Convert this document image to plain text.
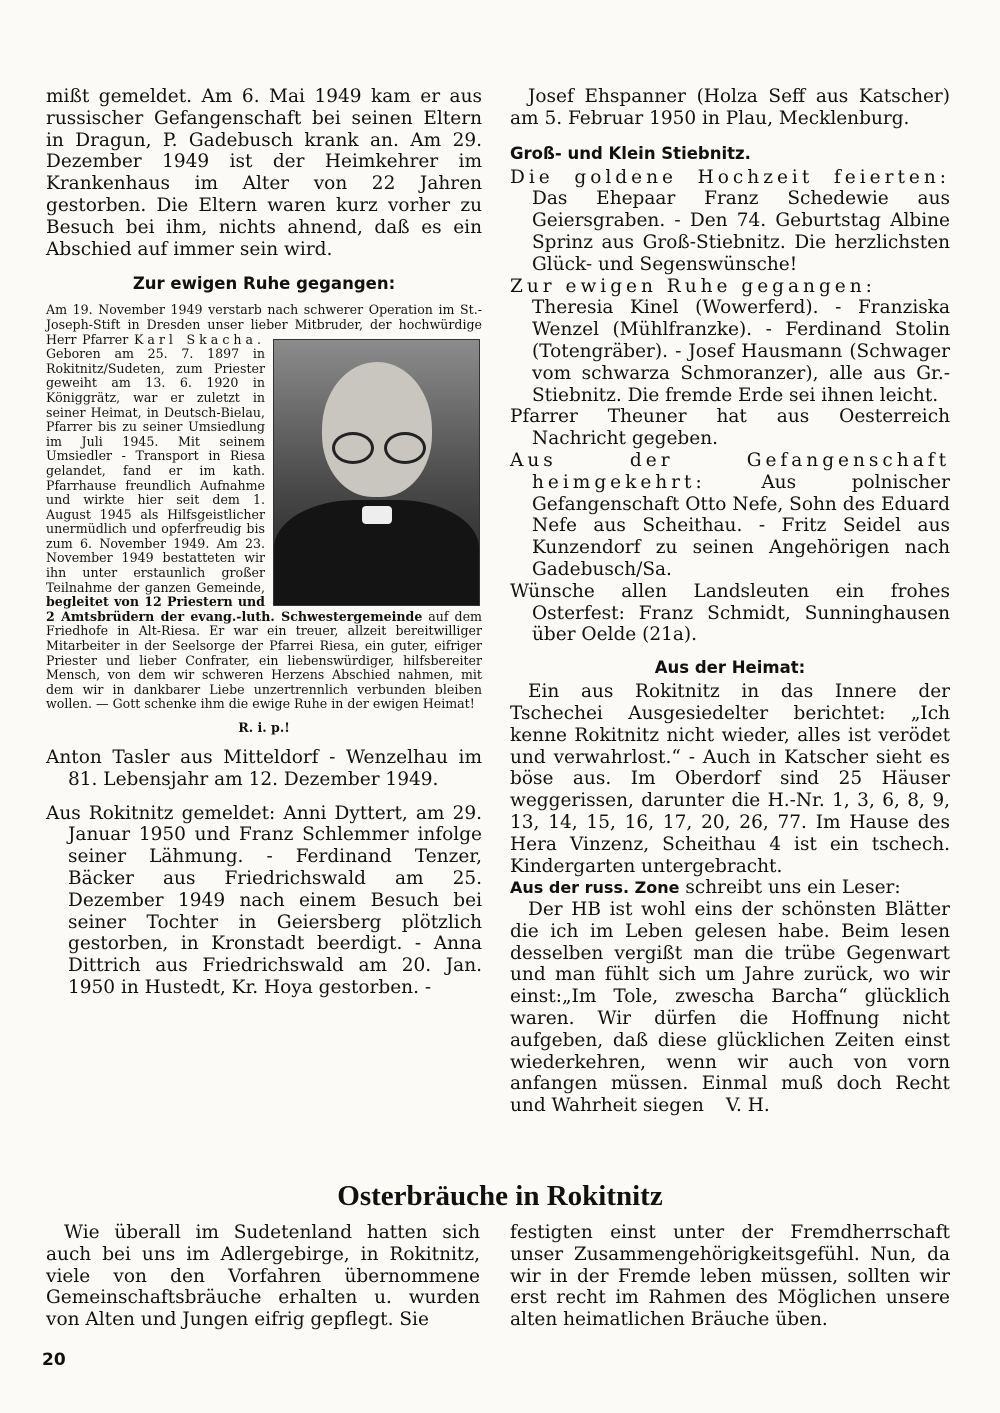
mißt gemeldet. Am 6. Mai 1949 kam er aus russischer Gefangenschaft bei seinen Eltern in Dragun, P. Gadebusch krank an. Am 29. Dezember 1949 ist der Heimkehrer im Krankenhaus im Alter von 22 Jahren gestorben. Die Eltern waren kurz vorher zu Besuch bei ihm, nichts ahnend, daß es ein Abschied auf immer sein wird.

Zur ewigen Ruhe gegangen:

Am 19. November 1949 verstarb nach schwerer Operation im St.-Joseph-Stift in Dresden unser lieber Mitbruder, der hochwürdige Herr Pfarrer Karl Skacha.
Geboren am 25. 7. 1897 in Rokitnitz/Sudeten, zum Priester geweiht am 13. 6. 1920 in Königgrätz, war er zuletzt in seiner Heimat, in Deutsch-Bielau, Pfarrer bis zu seiner Umsiedlung im Juli 1945. Mit seinem Umsiedler - Transport in Riesa gelandet, fand er im kath. Pfarrhause freundlich Aufnahme und wirkte hier seit dem 1. August 1945 als Hilfsgeistlicher unermüdlich und opferfreudig bis zum 6. November 1949. Am 23. November 1949 bestatteten wir ihn unter erstaunlich großer Teilnahme der ganzen Gemeinde, begleitet von 12 Priestern und 2 Amtsbrüdern der evang.-luth. Schwestergemeinde auf dem Friedhofe in Alt-Riesa. Er war ein treuer, allzeit bereitwilliger Mitarbeiter in der Seelsorge der Pfarrei Riesa, ein guter, eifriger Priester und lieber Confrater, ein liebenswürdiger, hilfsbereiter Mensch, von dem wir schweren Herzens Abschied nahmen, mit dem wir in dankbarer Liebe unzertrennlich verbunden bleiben wollen. — Gott schenke ihm die ewige Ruhe in der ewigen Heimat!

R. i. p.!

Anton Tasler aus Mitteldorf - Wenzelhau im 81. Lebensjahr am 12. Dezember 1949.

Aus Rokitnitz gemeldet: Anni Dyttert, am 29. Januar 1950 und Franz Schlemmer infolge seiner Lähmung. - Ferdinand Tenzer, Bäcker aus Friedrichswald am 25. Dezember 1949 nach einem Besuch bei seiner Tochter in Geiersberg plötzlich gestorben, in Kronstadt beerdigt. - Anna Dittrich aus Friedrichswald am 20. Jan. 1950 in Hustedt, Kr. Hoya gestorben. -

Josef Ehspanner (Holza Seff aus Katscher) am 5. Februar 1950 in Plau, Mecklenburg.

Groß- und Klein Stiebnitz.

Die goldene Hochzeit feierten: Das Ehepaar Franz Schedewie aus Geiersgraben. - Den 74. Geburtstag Albine Sprinz aus Groß-Stiebnitz. Die herzlichsten Glück- und Segenswünsche!

Zur ewigen Ruhe gegangen:

Theresia Kinel (Wowerferd). - Franziska Wenzel (Mühlfranzke). - Ferdinand Stolin (Totengräber). - Josef Hausmann (Schwager vom schwarza Schmoranzer), alle aus Gr.-Stiebnitz. Die fremde Erde sei ihnen leicht.

Pfarrer Theuner hat aus Oesterreich Nachricht gegeben.

Aus der Gefangenschaft heimgekehrt:	Aus polnischer Gefangenschaft Otto Nefe, Sohn des Eduard Nefe aus Scheithau. - Fritz Seidel aus Kunzendorf zu seinen Angehörigen nach Gadebusch/Sa.

Wünsche allen Landsleuten ein frohes Osterfest: Franz Schmidt, Sunninghausen über Oelde (21a).

Aus der Heimat:

Ein aus Rokitnitz in das Innere der Tschechei Ausgesiedelter berichtet: „Ich kenne Rokitnitz nicht wieder, alles ist verödet und verwahrlost.“ - Auch in Katscher sieht es böse aus. Im Oberdorf sind 25 Häuser weggerissen, darunter die H.-Nr. 1, 3, 6, 8, 9, 13, 14, 15, 16, 17, 20, 26, 77. Im Hause des Hera Vinzenz, Scheithau 4 ist ein tschech. Kindergarten untergebracht.

Aus der russ. Zone schreibt uns ein Leser:

Der HB ist wohl eins der schönsten Blätter die ich im Leben gelesen habe. Beim lesen desselben vergißt man die trübe Gegenwart und man fühlt sich um Jahre zurück, wo wir einst:„Im Tole, zwescha Barcha“ glücklich waren. Wir dürfen die Hoffnung nicht aufgeben, daß diese glücklichen Zeiten einst wiederkehren, wenn wir auch von vorn anfangen müssen. Einmal muß doch Recht und Wahrheit siegen V. H.

Osterbräuche in Rokitnitz

Wie überall im Sudetenland hatten sich auch bei uns im Adlergebirge, in Rokitnitz, viele von den Vorfahren übernommene Gemeinschaftsbräuche erhalten u. wurden von Alten und Jungen eifrig gepflegt. Sie

festigten einst unter der Fremdherrschaft unser Zusammengehörigkeitsgefühl. Nun, da wir in der Fremde leben müssen, sollten wir erst recht im Rahmen des Möglichen unsere alten heimatlichen Bräuche üben.

20
